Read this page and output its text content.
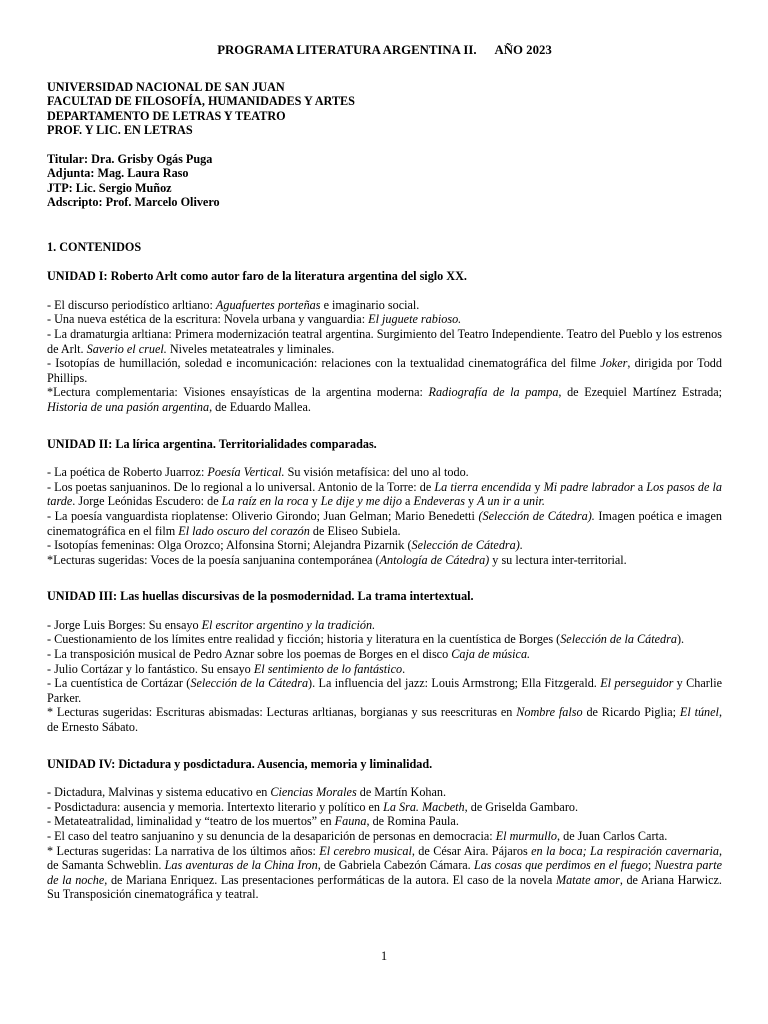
PROGRAMA LITERATURA ARGENTINA II. AÑO 2023

UNIVERSIDAD NACIONAL DE SAN JUAN
FACULTAD DE FILOSOFÍA, HUMANIDADES Y ARTES
DEPARTAMENTO DE LETRAS Y TEATRO
PROF. Y LIC. EN LETRAS
Titular: Dra. Grisby Ogás Puga
Adjunta: Mag. Laura Raso
JTP: Lic. Sergio Muñoz
Adscripto: Prof. Marcelo Olivero
1. CONTENIDOS
UNIDAD I: Roberto Arlt como autor faro de la literatura argentina del siglo XX.

- El discurso periodístico arltiano: Aguafuertes porteñas e imaginario social.

- Una nueva estética de la escritura: Novela urbana y vanguardia: El juguete rabioso.

- La dramaturgia arltiana: Primera modernización teatral argentina. Surgimiento del Teatro Independiente. Teatro del Pueblo y los estrenos de Arlt. Saverio el cruel. Niveles metateatrales y liminales.

- Isotopías de humillación, soledad e incomunicación: relaciones con la textualidad cinematográfica del filme Joker, dirigida por Todd Phillips.

*Lectura complementaria: Visiones ensayísticas de la argentina moderna: Radiografía de la pampa, de Ezequiel Martínez Estrada; Historia de una pasión argentina, de Eduardo Mallea.

UNIDAD II: La lírica argentina. Territorialidades comparadas.

- La poética de Roberto Juarroz: Poesía Vertical. Su visión metafísica: del uno al todo.

- Los poetas sanjuaninos. De lo regional a lo universal. Antonio de la Torre: de La tierra encendida y Mi padre labrador a Los pasos de la tarde. Jorge Leónidas Escudero: de La raíz en la roca y Le dije y me dijo a Endeveras y A un ir a unir.

- La poesía vanguardista rioplatense: Oliverio Girondo; Juan Gelman; Mario Benedetti (Selección de Cátedra). Imagen poética e imagen cinematográfica en el film El lado oscuro del corazón de Eliseo Subiela.

- Isotopías femeninas: Olga Orozco; Alfonsina Storni; Alejandra Pizarnik (Selección de Cátedra).

*Lecturas sugeridas: Voces de la poesía sanjuanina contemporánea (Antología de Cátedra) y su lectura inter-territorial.

UNIDAD III: Las huellas discursivas de la posmodernidad. La trama intertextual.

- Jorge Luis Borges: Su ensayo El escritor argentino y la tradición.

- Cuestionamiento de los límites entre realidad y ficción; historia y literatura en la cuentística de Borges (Selección de la Cátedra).

- La transposición musical de Pedro Aznar sobre los poemas de Borges en el disco Caja de música.

- Julio Cortázar y lo fantástico. Su ensayo El sentimiento de lo fantástico.

- La cuentística de Cortázar (Selección de la Cátedra). La influencia del jazz: Louis Armstrong; Ella Fitzgerald. El perseguidor y Charlie Parker.

* Lecturas sugeridas: Escrituras abismadas: Lecturas arltianas, borgianas y sus reescrituras en Nombre falso de Ricardo Piglia; El túnel, de Ernesto Sábato.

UNIDAD IV: Dictadura y posdictadura. Ausencia, memoria y liminalidad.

- Dictadura, Malvinas y sistema educativo en Ciencias Morales de Martín Kohan.

- Posdictadura: ausencia y memoria. Intertexto literario y político en La Sra. Macbeth, de Griselda Gambaro.

- Metateatralidad, liminalidad y “teatro de los muertos” en Fauna, de Romina Paula.

- El caso del teatro sanjuanino y su denuncia de la desaparición de personas en democracia: El murmullo, de Juan Carlos Carta.

* Lecturas sugeridas: La narrativa de los últimos años: El cerebro musical, de César Aira. Pájaros en la boca; La respiración cavernaria, de Samanta Schweblin. Las aventuras de la China Iron, de Gabriela Cabezón Cámara. Las cosas que perdimos en el fuego; Nuestra parte de la noche, de Mariana Enriquez. Las presentaciones performáticas de la autora. El caso de la novela Matate amor, de Ariana Harwicz. Su Transposición cinematográfica y teatral.

1
